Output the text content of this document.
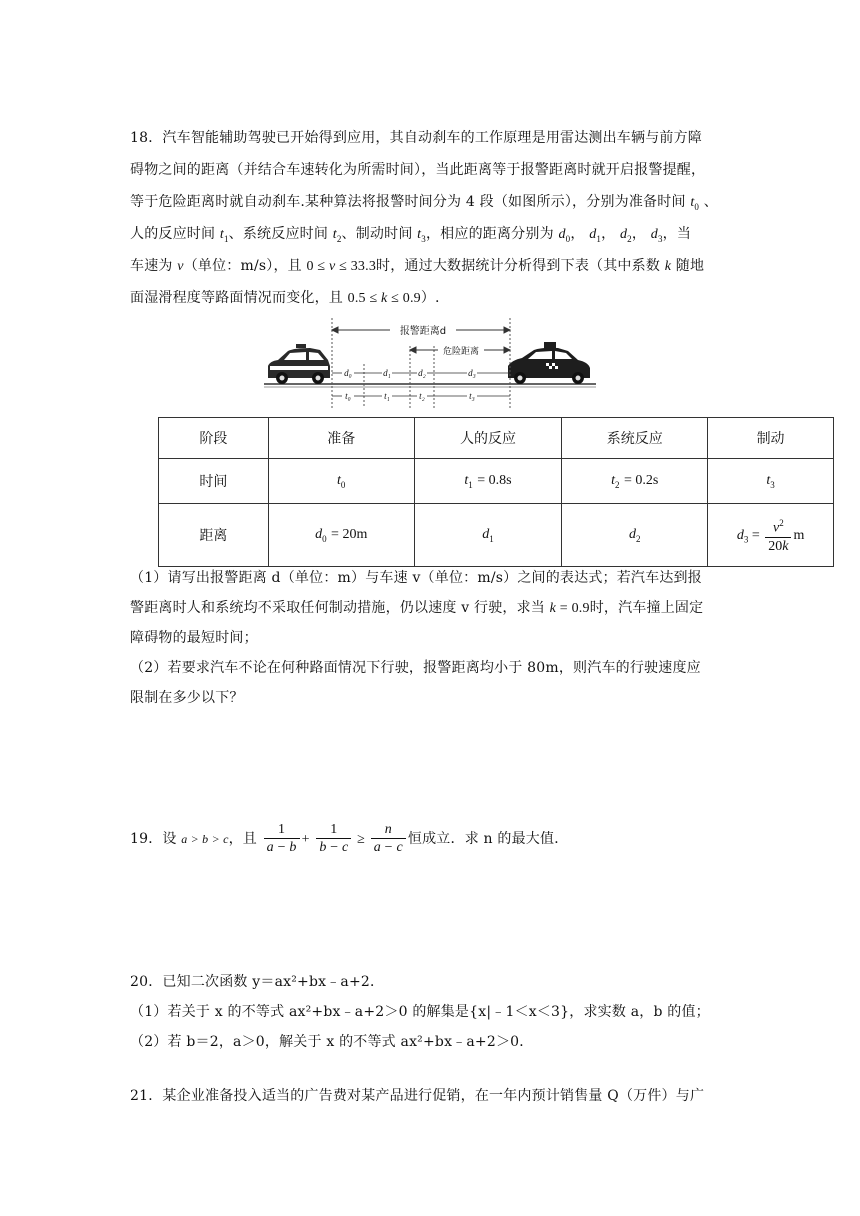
18．汽车智能辅助驾驶已开始得到应用，其自动刹车的工作原理是用雷达测出车辆与前方障
碍物之间的距离（并结合车速转化为所需时间），当此距离等于报警距离时就开启报警提醒，
等于危险距离时就自动刹车.某种算法将报警时间分为 4 段（如图所示），分别为准备时间 $t_0$ 、
人的反应时间 $t_1$、系统反应时间 $t_2$、制动时间 $t_3$，相应的距离分别为 $d_0$， $d_1$， $d_2$， $d_3$，当
车速为 v（单位：m/s），且 0 ≤ v ≤ 33.3时，通过大数据统计分析得到下表（其中系数 k 随地
面湿滑程度等路面情况而变化，且 0.5 ≤ k ≤ 0.9）.
报警距离d
危险距离
d₀	d₁	d₂	d₃
t₀	t₁	t₂	t₃
阶段	准备	人的反应	系统反应	制动
时间	$t_0$	$t_1 = 0.8s$	$t_2 = 0.2s$	$t_3$
距离	$d_0 = 20m$	$d_1$	$d_2$	$d_3 = \frac{v^2}{20k}$ m
（1）请写出报警距离 d（单位：m）与车速 v（单位：m/s）之间的表达式；若汽车达到报
警距离时人和系统均不采取任何制动措施，仍以速度 v 行驶，求当 k = 0.9时，汽车撞上固定
障碍物的最短时间；
（2）若要求汽车不论在何种路面情况下行驶，报警距离均小于 80m，则汽车的行驶速度应
限制在多少以下？
19．设 a > b > c，且 $\frac{1}{a - b} + \frac{1}{b - c} \ge \frac{n}{a - c}$ 恒成立．求 n 的最大值．
20．已知二次函数 y＝ax²+bx﹣a+2．
（1）若关于 x 的不等式 ax²+bx﹣a+2＞0 的解集是{x|﹣1＜x＜3}，求实数 a，b 的值；
（2）若 b＝2，a＞0，解关于 x 的不等式 ax²+bx﹣a+2＞0．
21．某企业准备投入适当的广告费对某产品进行促销，在一年内预计销售量 Q（万件）与广
